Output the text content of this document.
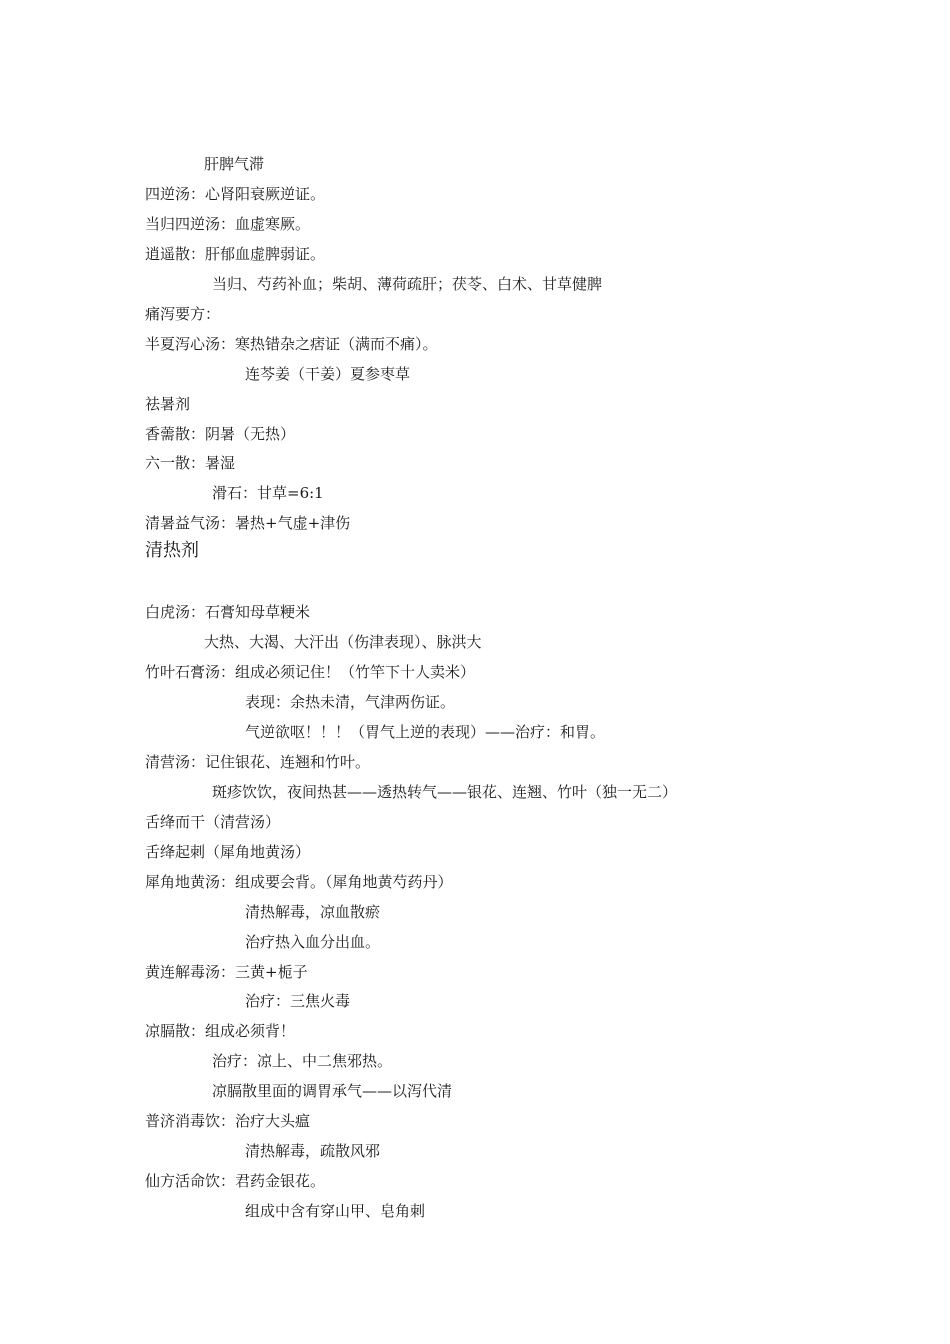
肝脾气滞
四逆汤：心肾阳衰厥逆证。
当归四逆汤：血虚寒厥。
逍遥散：肝郁血虚脾弱证。
当归、芍药补血；柴胡、薄荷疏肝；茯苓、白术、甘草健脾
痛泻要方：
半夏泻心汤：寒热错杂之痞证（满而不痛）。
连芩姜（干姜）夏参枣草
祛暑剂
香薷散：阴暑（无热）
六一散：暑湿
滑石：甘草=6:1
清暑益气汤：暑热+气虚+津伤
清热剂
白虎汤：石膏知母草粳米
大热、大渴、大汗出（伤津表现）、脉洪大
竹叶石膏汤：组成必须记住！（竹竿下十人卖米）
表现：余热未清，气津两伤证。
气逆欲呕！！！（胃气上逆的表现）——治疗：和胃。
清营汤：记住银花、连翘和竹叶。
斑疹饮饮，夜间热甚——透热转气——银花、连翘、竹叶（独一无二）
舌绛而干（清营汤）
舌绛起刺（犀角地黄汤）
犀角地黄汤：组成要会背。（犀角地黄芍药丹）
清热解毒，凉血散瘀
治疗热入血分出血。
黄连解毒汤：三黄+栀子
治疗：三焦火毒
凉膈散：组成必须背！
治疗：凉上、中二焦邪热。
凉膈散里面的调胃承气——以泻代清
普济消毒饮：治疗大头瘟
清热解毒，疏散风邪
仙方活命饮：君药金银花。
组成中含有穿山甲、皂角刺
